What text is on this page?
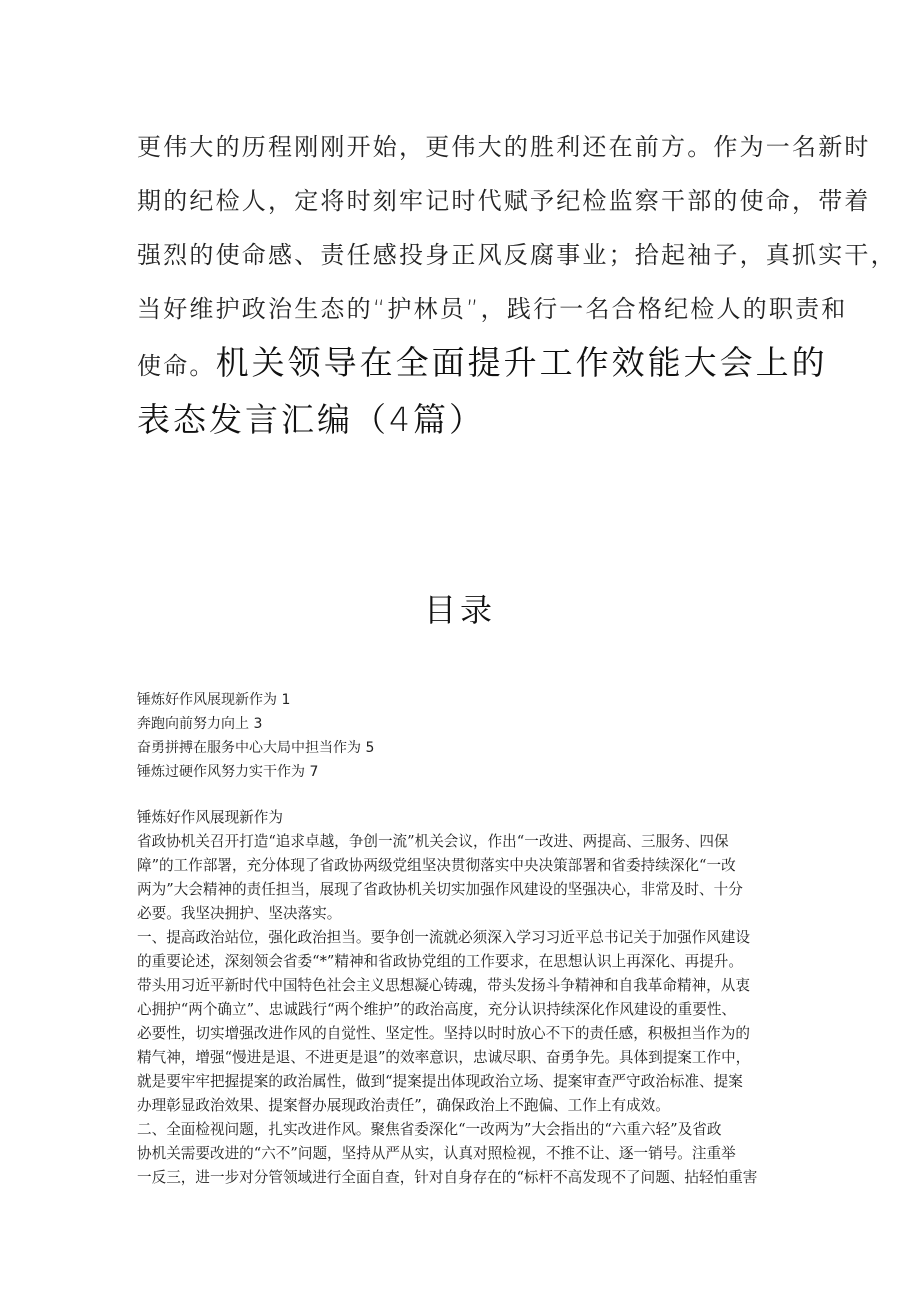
更伟大的历程刚刚开始，更伟大的胜利还在前方。作为一名新时
期的纪检人，定将时刻牢记时代赋予纪检监察干部的使命，带着
强烈的使命感、责任感投身正风反腐事业；拾起袖子，真抓实干，
当好维护政治生态的“护林员”，践行一名合格纪检人的职责和
使命。机关领导在全面提升工作效能大会上的
表态发言汇编（4篇）
目录
锤炼好作风展现新作为 1
奔跑向前努力向上 3
奋勇拼搏在服务中心大局中担当作为 5
锤炼过硬作风努力实干作为 7
锤炼好作风展现新作为
省政协机关召开打造“追求卓越，争创一流”机关会议，作出“一改进、两提高、三服务、四保
障”的工作部署，充分体现了省政协两级党组坚决贯彻落实中央决策部署和省委持续深化“一改
两为”大会精神的责任担当，展现了省政协机关切实加强作风建设的坚强决心，非常及时、十分
必要。我坚决拥护、坚决落实。
一、提高政治站位，强化政治担当。要争创一流就必须深入学习习近平总书记关于加强作风建设
的重要论述，深刻领会省委“*”精神和省政协党组的工作要求，在思想认识上再深化、再提升。
带头用习近平新时代中国特色社会主义思想凝心铸魂，带头发扬斗争精神和自我革命精神，从衷
心拥护“两个确立”、忠诚践行“两个维护”的政治高度，充分认识持续深化作风建设的重要性、
必要性，切实增强改进作风的自觉性、坚定性。坚持以时时放心不下的责任感，积极担当作为的
精气神，增强“慢进是退、不进更是退”的效率意识，忠诚尽职、奋勇争先。具体到提案工作中，
就是要牢牢把握提案的政治属性，做到“提案提出体现政治立场、提案审查严守政治标准、提案
办理彰显政治效果、提案督办展现政治责任”，确保政治上不跑偏、工作上有成效。
二、全面检视问题，扎实改进作风。聚焦省委深化“一改两为”大会指出的“六重六轻”及省政
协机关需要改进的“六不”问题，坚持从严从实，认真对照检视，不推不让、逐一销号。注重举
一反三，进一步对分管领域进行全面自查，针对自身存在的“标杆不高发现不了问题、拈轻怕重害
